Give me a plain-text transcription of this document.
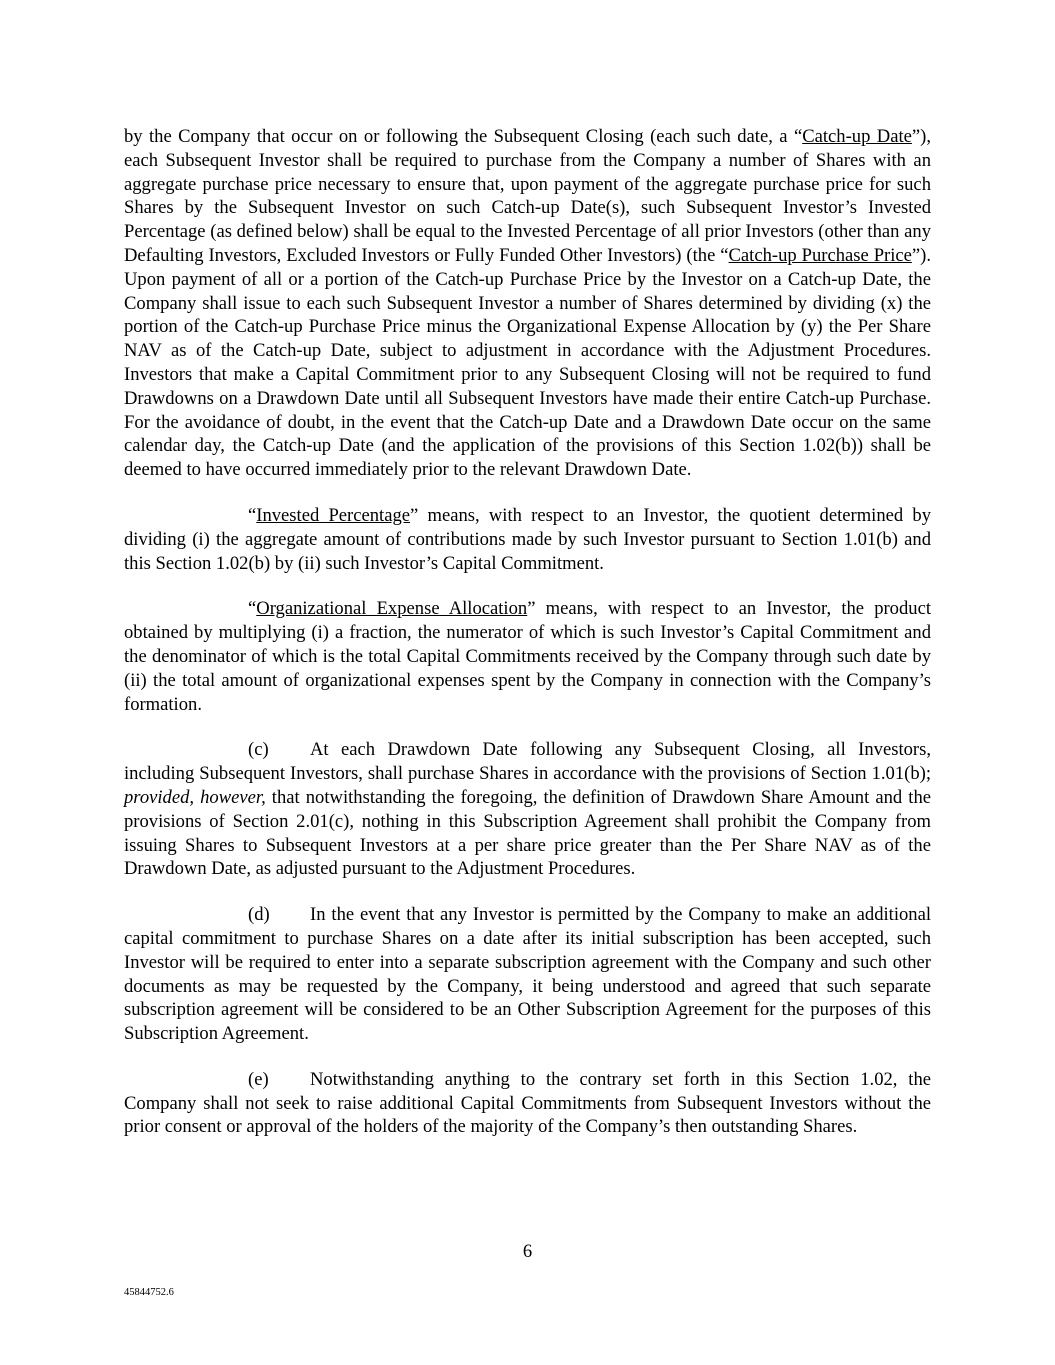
by the Company that occur on or following the Subsequent Closing (each such date, a “Catch-up Date”), each Subsequent Investor shall be required to purchase from the Company a number of Shares with an aggregate purchase price necessary to ensure that, upon payment of the aggregate purchase price for such Shares by the Subsequent Investor on such Catch-up Date(s), such Subsequent Investor’s Invested Percentage (as defined below) shall be equal to the Invested Percentage of all prior Investors (other than any Defaulting Investors, Excluded Investors or Fully Funded Other Investors) (the “Catch-up Purchase Price”). Upon payment of all or a portion of the Catch-up Purchase Price by the Investor on a Catch-up Date, the Company shall issue to each such Subsequent Investor a number of Shares determined by dividing (x) the portion of the Catch-up Purchase Price minus the Organizational Expense Allocation by (y) the Per Share NAV as of the Catch-up Date, subject to adjustment in accordance with the Adjustment Procedures. Investors that make a Capital Commitment prior to any Subsequent Closing will not be required to fund Drawdowns on a Drawdown Date until all Subsequent Investors have made their entire Catch-up Purchase. For the avoidance of doubt, in the event that the Catch-up Date and a Drawdown Date occur on the same calendar day, the Catch-up Date (and the application of the provisions of this Section 1.02(b)) shall be deemed to have occurred immediately prior to the relevant Drawdown Date.

“Invested Percentage” means, with respect to an Investor, the quotient determined by dividing (i) the aggregate amount of contributions made by such Investor pursuant to Section 1.01(b) and this Section 1.02(b) by (ii) such Investor’s Capital Commitment.

“Organizational Expense Allocation” means, with respect to an Investor, the product obtained by multiplying (i) a fraction, the numerator of which is such Investor’s Capital Commitment and the denominator of which is the total Capital Commitments received by the Company through such date by (ii) the total amount of organizational expenses spent by the Company in connection with the Company’s formation.

(c) At each Drawdown Date following any Subsequent Closing, all Investors, including Subsequent Investors, shall purchase Shares in accordance with the provisions of Section 1.01(b); provided, however, that notwithstanding the foregoing, the definition of Drawdown Share Amount and the provisions of Section 2.01(c), nothing in this Subscription Agreement shall prohibit the Company from issuing Shares to Subsequent Investors at a per share price greater than the Per Share NAV as of the Drawdown Date, as adjusted pursuant to the Adjustment Procedures.

(d) In the event that any Investor is permitted by the Company to make an additional capital commitment to purchase Shares on a date after its initial subscription has been accepted, such Investor will be required to enter into a separate subscription agreement with the Company and such other documents as may be requested by the Company, it being understood and agreed that such separate subscription agreement will be considered to be an Other Subscription Agreement for the purposes of this Subscription Agreement.

(e) Notwithstanding anything to the contrary set forth in this Section 1.02, the Company shall not seek to raise additional Capital Commitments from Subsequent Investors without the prior consent or approval of the holders of the majority of the Company’s then outstanding Shares.

6
45844752.6
